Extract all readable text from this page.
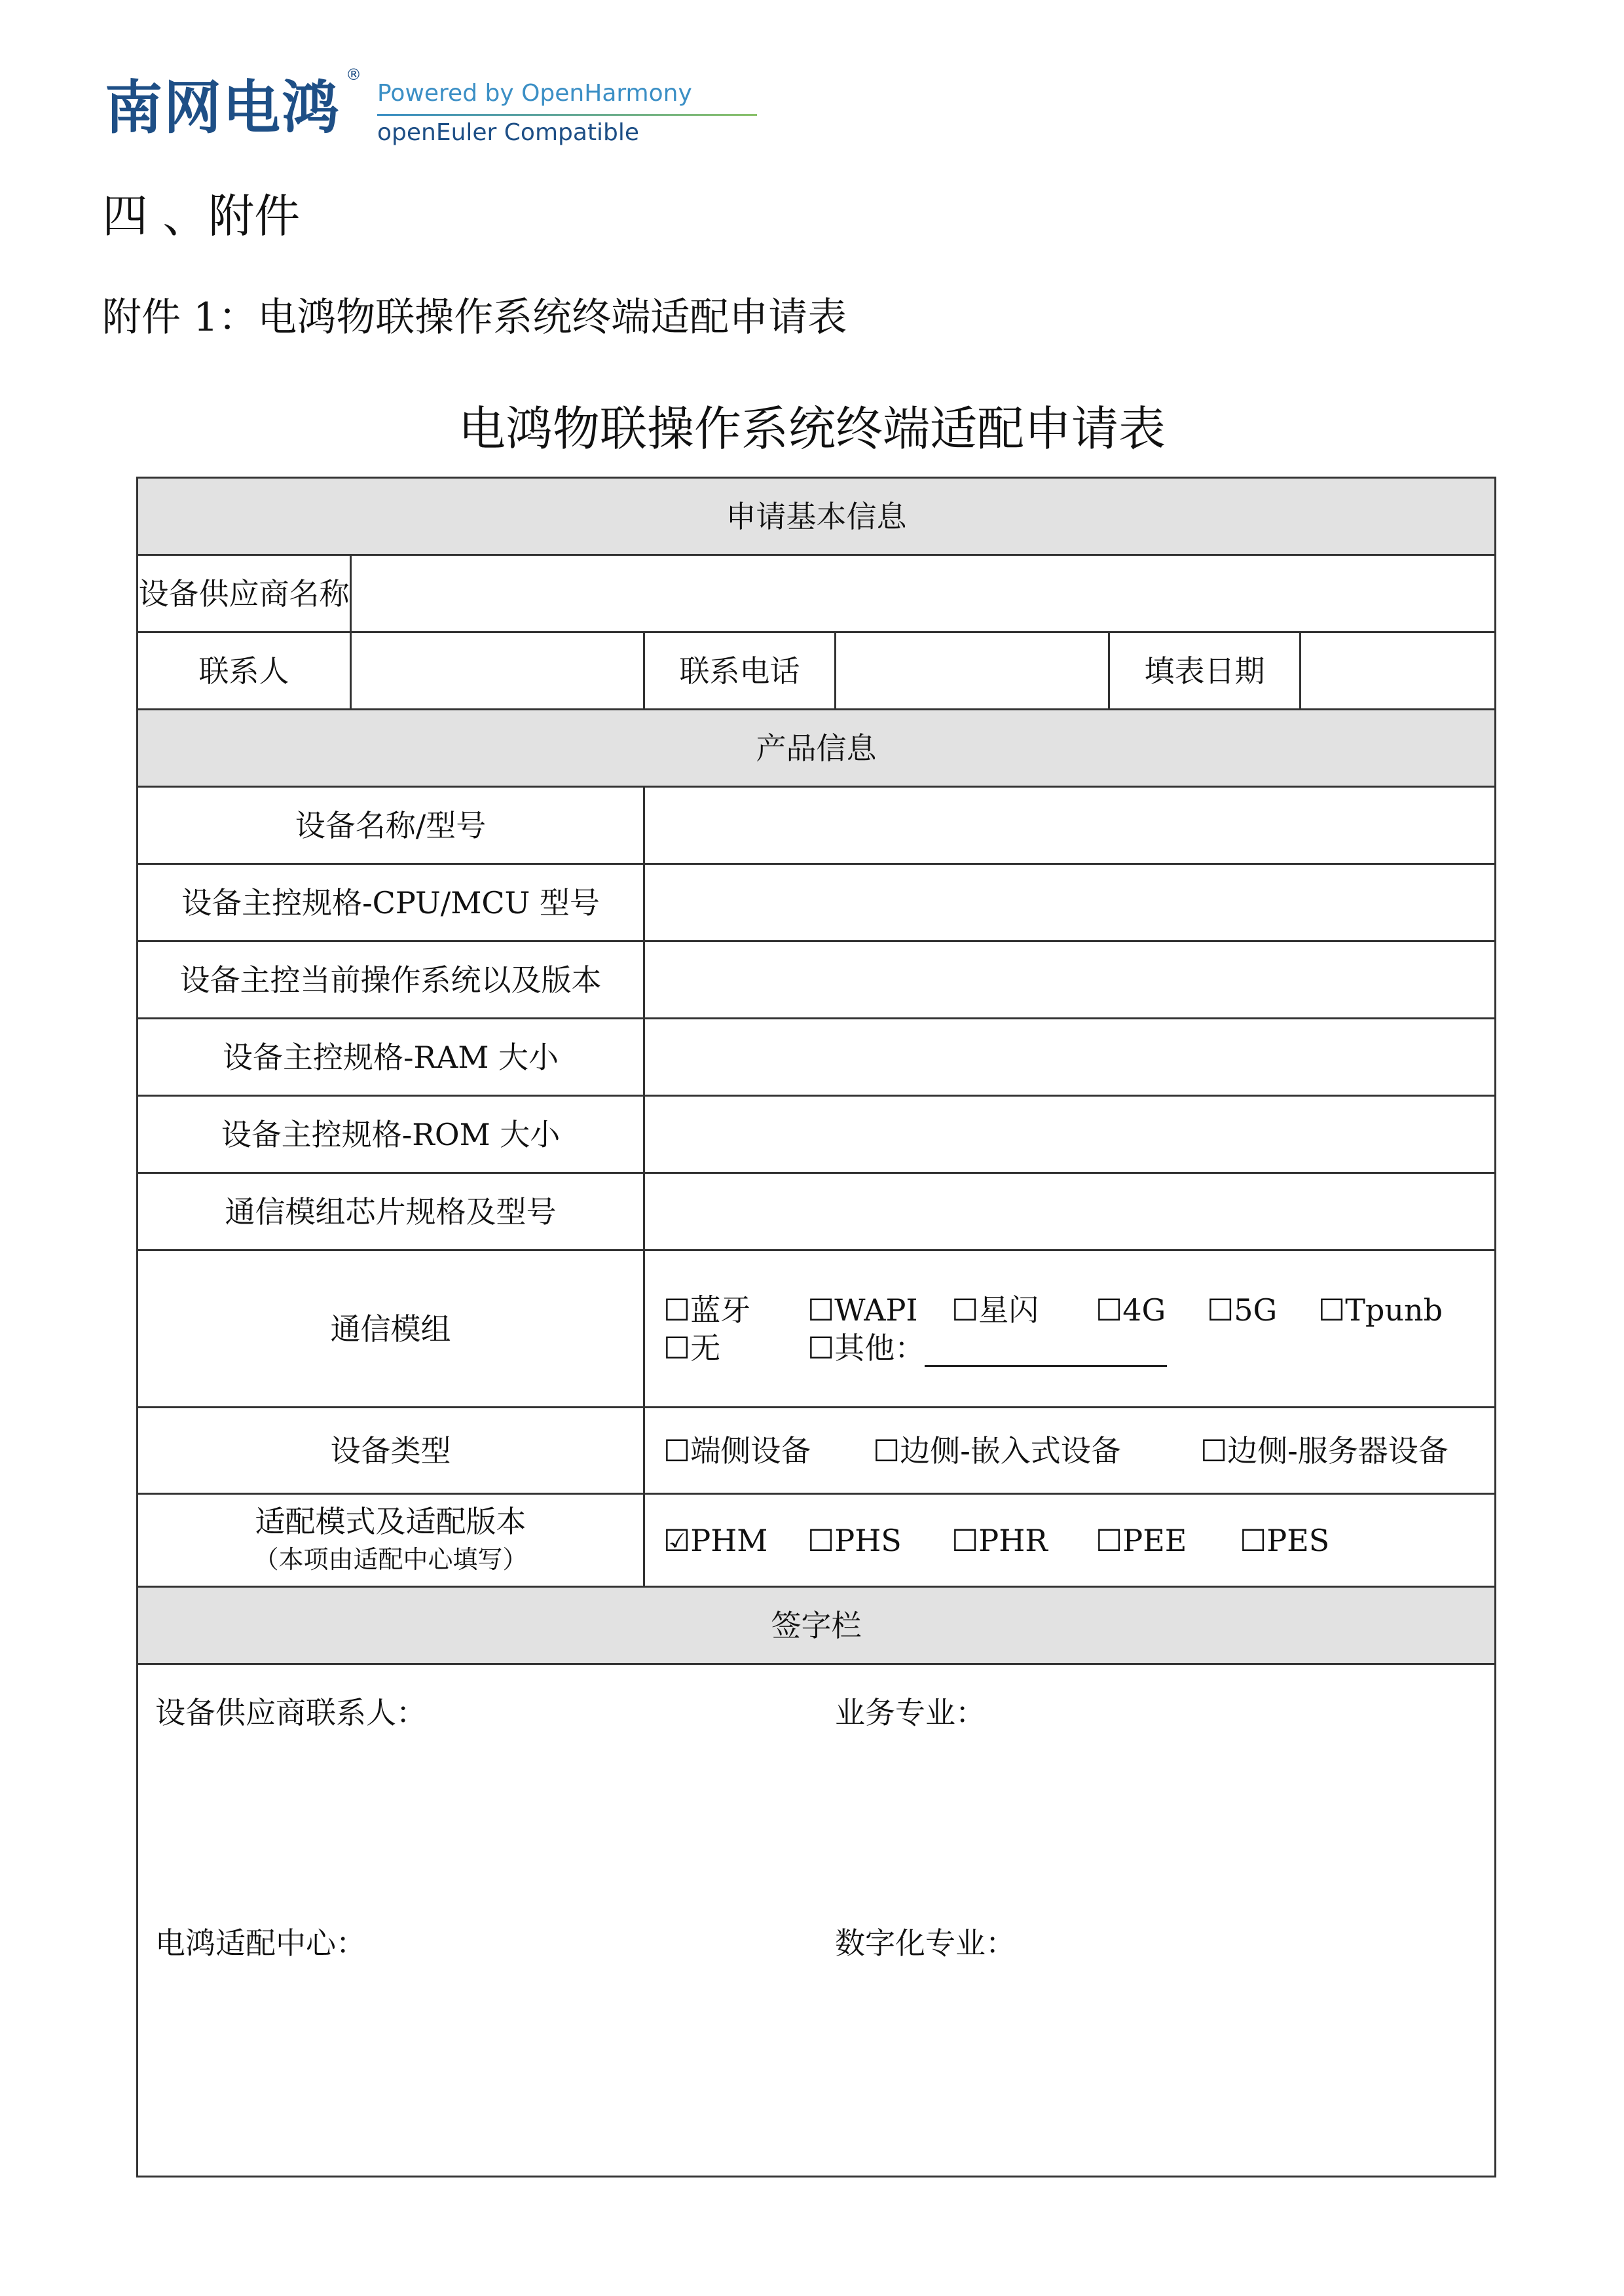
南网电鸿 ®
Powered by OpenHarmony
openEuler Compatible
四 、附件
附件 1：电鸿物联操作系统终端适配申请表
电鸿物联操作系统终端适配申请表
申请基本信息					
设备供应商名称					
联系人		联系电话		填表日期	
产品信息					
设备名称/型号					
设备主控规格-CPU/MCU 型号					
设备主控当前操作系统以及版本					
设备主控规格-RAM 大小					
设备主控规格-ROM 大小					
通信模组芯片规格及型号					
通信模组		☐蓝牙 ☐WAPI ☐星闪 ☐4G ☐5G ☐Tpunb
☐无 ☐其他：			

设备类型		☐端侧设备 ☐边侧-嵌入式设备 ☐边侧-服务器设备			

适配模式及适配版本
（本项由适配中心填写）		☑PHM ☐PHS ☐PHR ☐PEE ☐PES			
签字栏					

设备供应商联系人： 业务专业：
电鸿适配中心： 数字化专业：					
